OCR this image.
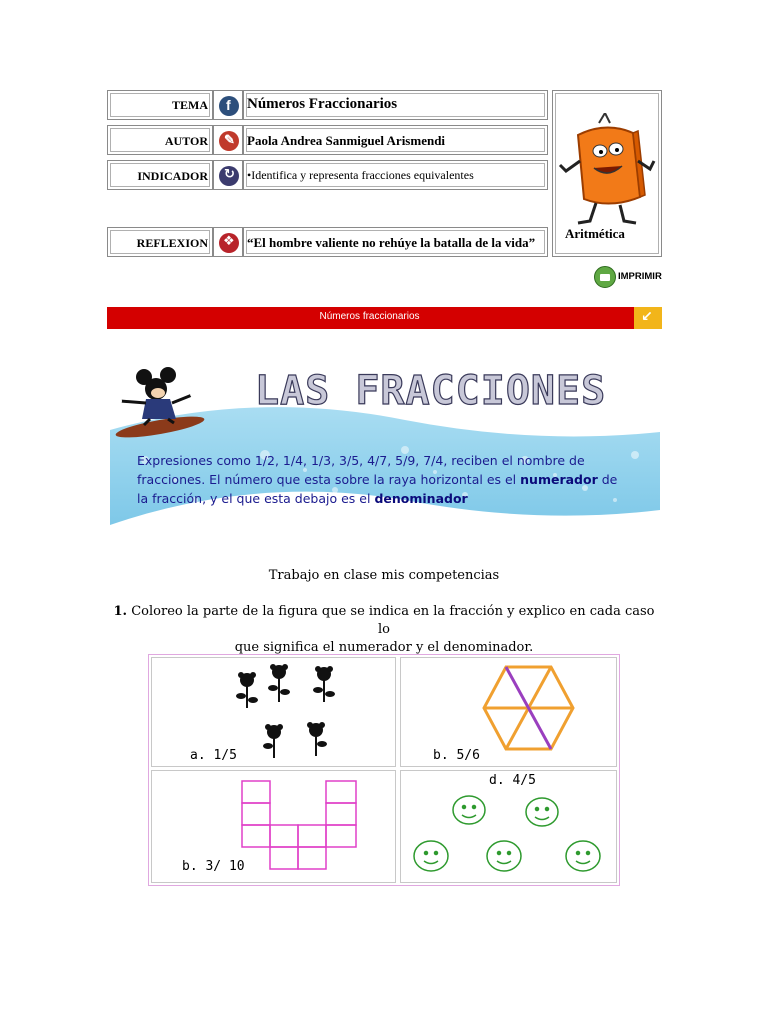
TEMA f Números Fraccionarios
AUTOR ✎ Paola Andrea Sanmiguel Arismendi
INDICADOR ↻ •Identifica y representa fracciones equivalentes
REFLEXION ❖ “El hombre valiente no rehúye la batalla de la vida”
Aritmética
IMPRIMIR
Números fraccionarios	↙
LAS FRACCIONES
Expresiones como 1/2, 1/4, 1/3, 3/5, 4/7, 5/9, 7/4, reciben el nombre de
fracciones. El número que esta sobre la raya horizontal es el numerador de
la fracción, y el que esta debajo es el denominador
Trabajo en clase mis competencias
1. Coloreo la parte de la figura que se indica en la fracción y explico en cada caso lo
que significa el numerador y el denominador.
a. 1/5	b. 5/6
b. 3/ 10
d. 4/5
